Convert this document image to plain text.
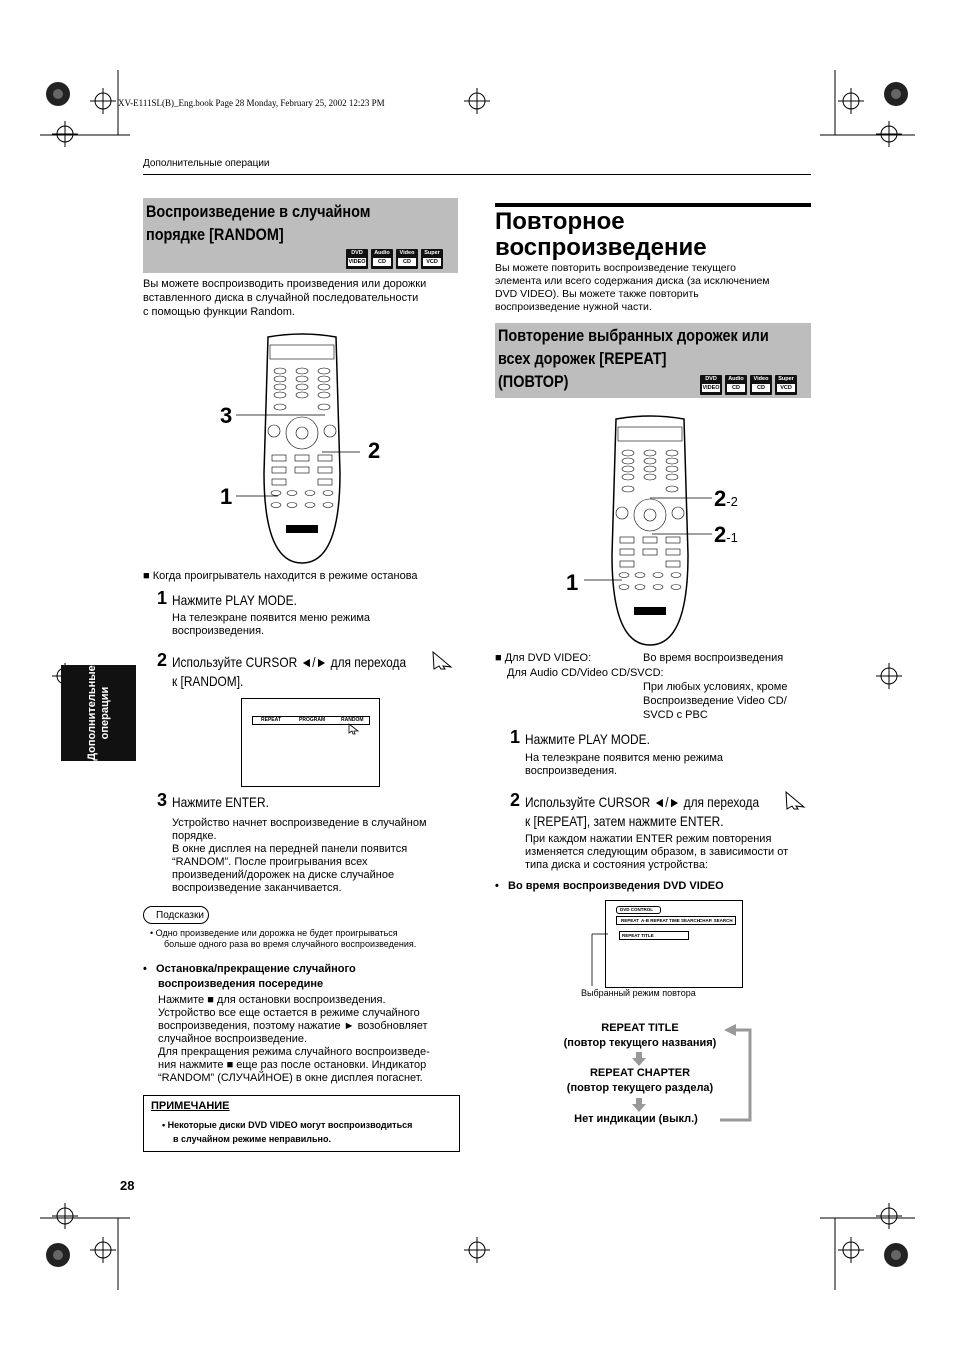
XV-E111SL(B)_Eng.book Page 28 Monday, February 25, 2002 12:23 PM
Дополнительные операции
Дополнительные
операции
Воспроизведение в случайном
порядке [RANDOM]
DVD
VIDEO
Audio
CD
Video
CD
Super
VCD
Вы можете воспроизводить произведения или дорожки
вставленного диска в случайной последовательности
с помощью функции Random.
3
2
1
■ Когда проигрыватель находится в режиме останова
1 Нажмите PLAY MODE.
На телеэкране появится меню режима
воспроизведения.
2 Используйте CURSOR ◄/► для перехода
к [RANDOM].
REPEAT	PROGRAM	RANDOM
3 Нажмите ENTER.
Устройство начнет воспроизведение в случайном
порядке.
В окне дисплея на передней панели появится
“RANDOM”. После проигрывания всех
произведений/дорожек на диске случайное
воспроизведение заканчивается.
Подсказки
• Одно произведение или дорожка не будет проигрываться
больше одного раза во время случайного воспроизведения.
•   Остановка/прекращение случайного
воспроизведения посередине
Нажмите ■ для остановки воспроизведения.
Устройство все еще остается в режиме случайного
воспроизведения, поэтому нажатие ► возобновляет
случайное воспроизведение.
Для прекращения режима случайного воспроизведе-
ния нажмите ■ еще раз после остановки. Индикатор
“RANDOM” (СЛУЧАЙНОЕ) в окне дисплея погаснет.
ПРИМЕЧАНИЕ
• Некоторые диски DVD VIDEO могут воспроизводиться
в случайном режиме неправильно.
28
Повторное
воспроизведение
Вы можете повторить воспроизведение текущего
элемента или всего содержания диска (за исключением
DVD VIDEO). Вы можете также повторить
воспроизведение нужной части.
Повторение выбранных дорожек или
всех дорожек [REPEAT]
(ПОВТОР)	DVD
VIDEO
Audio
CD
Video
CD
Super
VCD
2-2
2-1
1
■ Для DVD VIDEO:	Во время воспроизведения
Для Audio CD/Video CD/SVCD:
При любых условиях, кроме
Воспроизведение Video CD/
SVCD с PBC
1 Нажмите PLAY MODE.
На телеэкране появится меню режима
воспроизведения.
2 Используйте CURSOR ◄/► для перехода
к [REPEAT], затем нажмите ENTER.
При каждом нажатии ENTER режим повторения
изменяется следующим образом, в зависимости от
типа диска и состояния устройства:
•   Во время воспроизведения DVD VIDEO
DVD CONTROL
REPEAT A-B REPEAT TIME SEARCH
CHAP. SEARCH
REPEAT TITLE
Выбранный режим повтора
REPEAT TITLE
(повтор текущего названия)
REPEAT CHAPTER
(повтор текущего раздела)
Нет индикации (выкл.)
